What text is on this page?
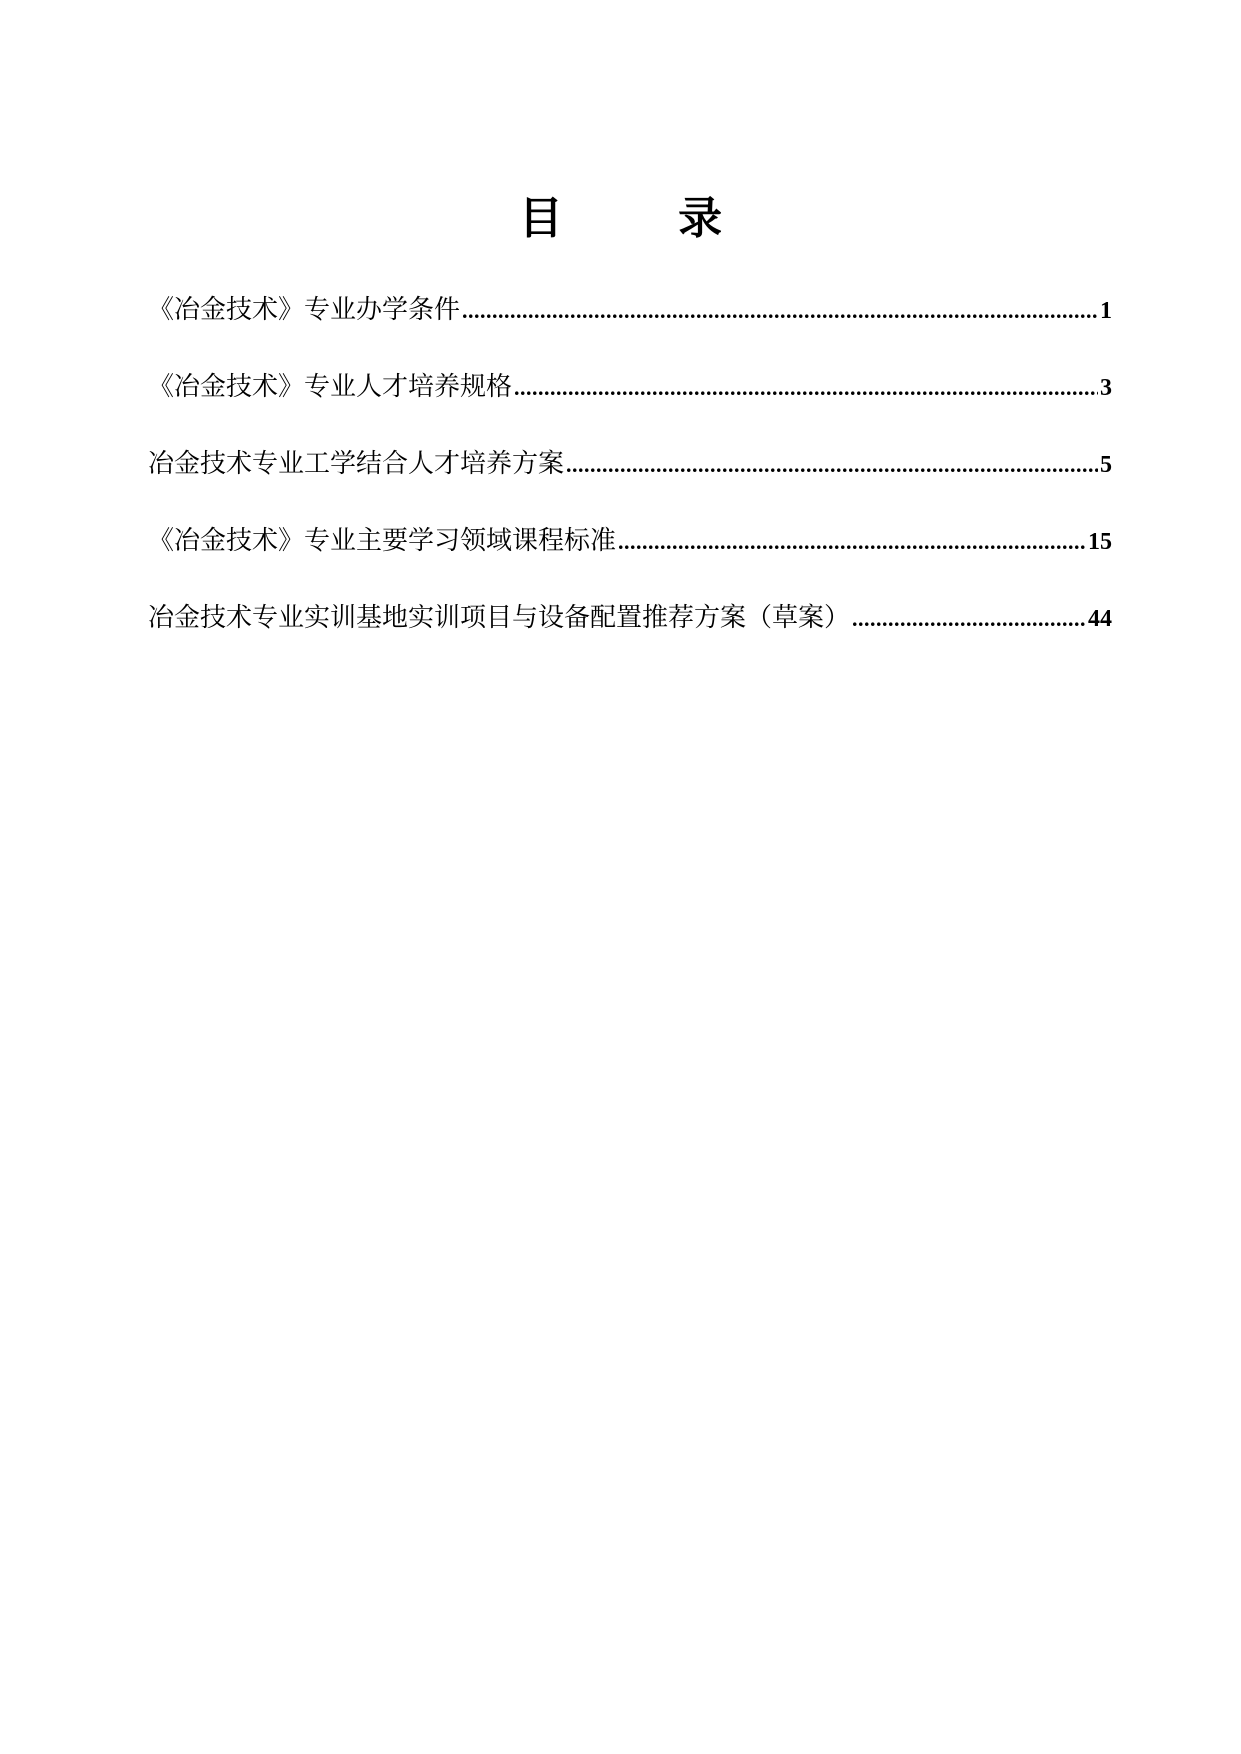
目 录
《冶金技术》专业办学条件 .....	1
《冶金技术》专业人才培养规格 .....	3
冶金技术专业工学结合人才培养方案 .....	5
《冶金技术》专业主要学习领域课程标准 .....	15
冶金技术专业实训基地实训项目与设备配置推荐方案（草案） .....	44
